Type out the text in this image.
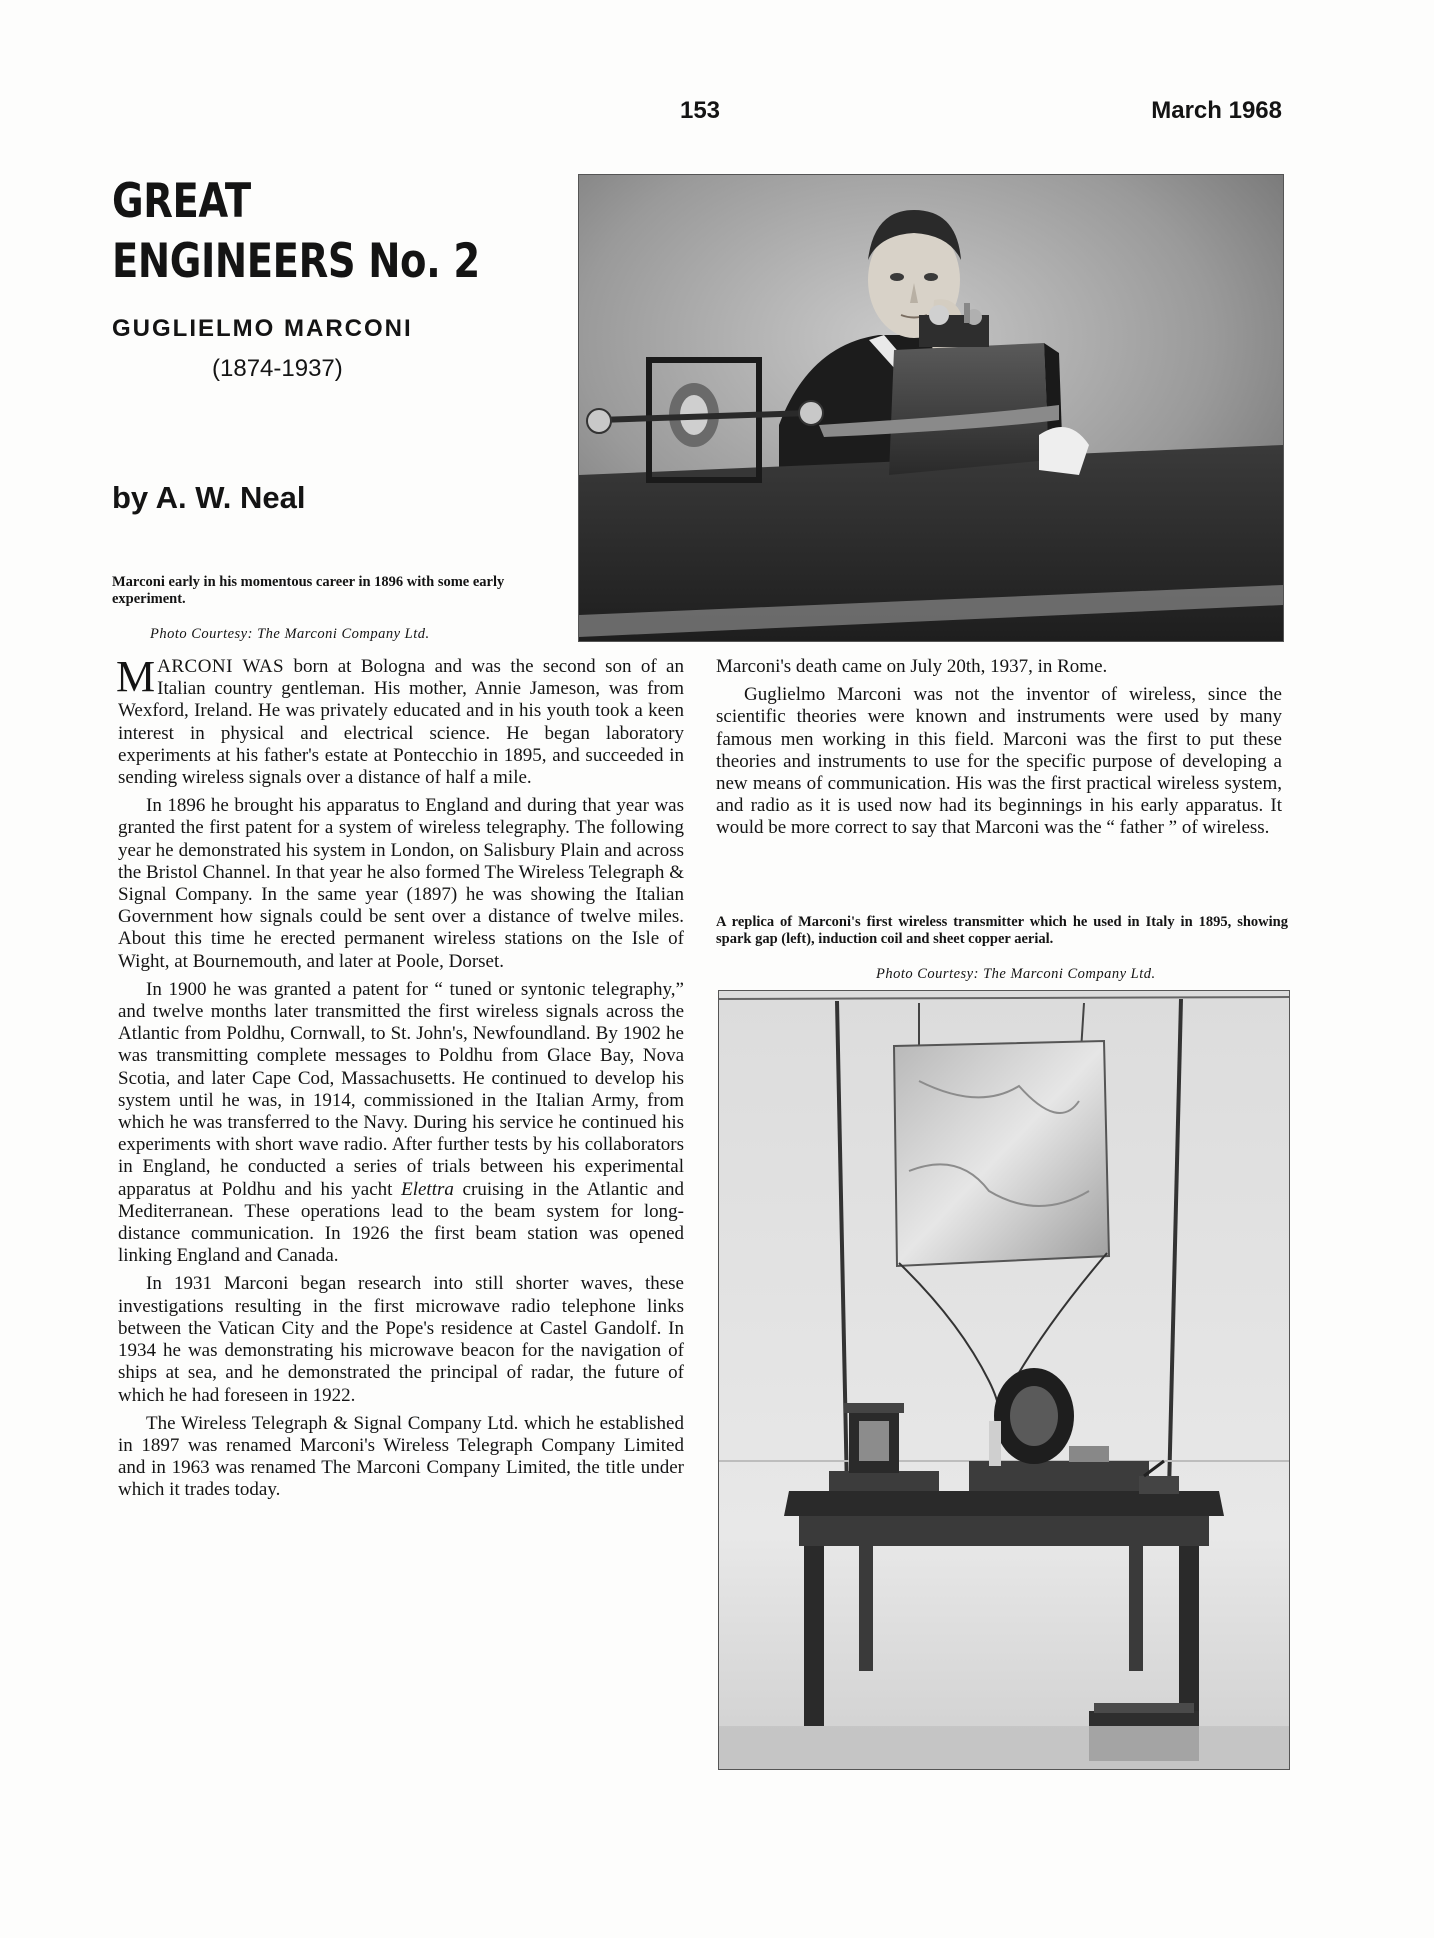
153	March 1968
GREAT
ENGINEERS No. 2
GUGLIELMO MARCONI
(1874-1937)
by A. W. Neal
Marconi early in his momentous career in 1896 with some early experiment.
Photo Courtesy: The Marconi Company Ltd.

MARCONI WAS born at Bologna and was the second son of an Italian country gentleman. His mother, Annie Jameson, was from Wexford, Ireland. He was privately educated and in his youth took a keen interest in physical and electrical science. He began laboratory experiments at his father's estate at Pontecchio in 1895, and succeeded in sending wireless signals over a distance of half a mile.

In 1896 he brought his apparatus to England and during that year was granted the first patent for a system of wireless telegraphy. The following year he demonstrated his system in London, on Salisbury Plain and across the Bristol Channel. In that year he also formed The Wireless Telegraph & Signal Company. In the same year (1897) he was showing the Italian Government how signals could be sent over a distance of twelve miles. About this time he erected permanent wireless stations on the Isle of Wight, at Bournemouth, and later at Poole, Dorset.

In 1900 he was granted a patent for “ tuned or syntonic telegraphy,” and twelve months later transmitted the first wireless signals across the Atlantic from Poldhu, Cornwall, to St. John's, Newfoundland. By 1902 he was transmitting complete messages to Poldhu from Glace Bay, Nova Scotia, and later Cape Cod, Massachusetts. He continued to develop his system until he was, in 1914, commissioned in the Italian Army, from which he was transferred to the Navy. During his service he continued his experiments with short wave radio. After further tests by his collaborators in England, he conducted a series of trials between his experimental apparatus at Poldhu and his yacht Elettra cruising in the Atlantic and Mediterranean. These operations lead to the beam system for long-distance communication. In 1926 the first beam station was opened linking England and Canada.

In 1931 Marconi began research into still shorter waves, these investigations resulting in the first microwave radio telephone links between the Vatican City and the Pope's residence at Castel Gandolf. In 1934 he was demonstrating his microwave beacon for the navigation of ships at sea, and he demonstrated the principal of radar, the future of which he had foreseen in 1922.

The Wireless Telegraph & Signal Company Ltd. which he established in 1897 was renamed Marconi's Wireless Telegraph Company Limited and in 1963 was renamed The Marconi Company Limited, the title under which it trades today.

Marconi's death came on July 20th, 1937, in Rome.

Guglielmo Marconi was not the inventor of wireless, since the scientific theories were known and instruments were used by many famous men working in this field. Marconi was the first to put these theories and instruments to use for the specific purpose of developing a new means of communication. His was the first practical wireless system, and radio as it is used now had its beginnings in his early apparatus. It would be more correct to say that Marconi was the “ father ” of wireless.

A replica of Marconi's first wireless transmitter which he used in Italy in 1895, showing spark gap (left), induction coil and sheet copper aerial.
Photo Courtesy: The Marconi Company Ltd.
